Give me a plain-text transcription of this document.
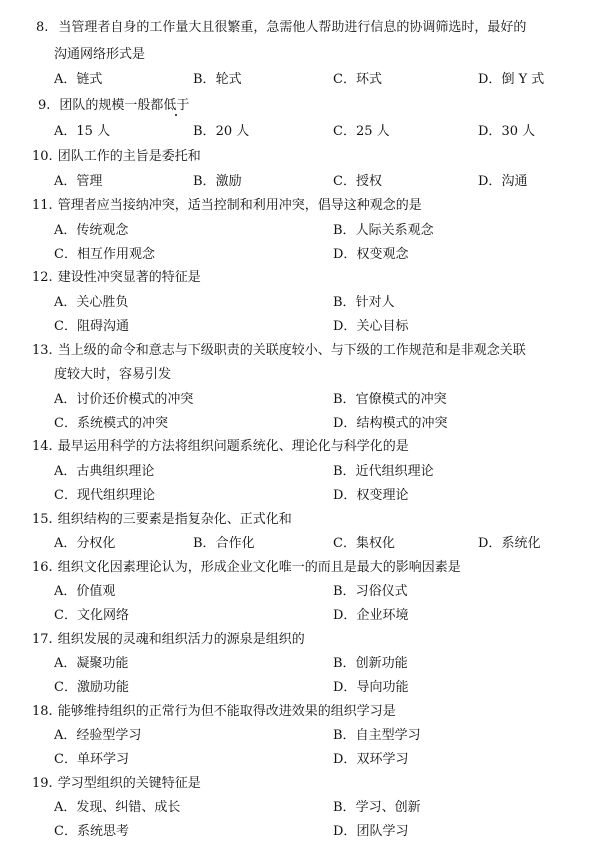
8. 当管理者自身的工作量大且很繁重，急需他人帮助进行信息的协调筛选时，最好的
沟通网络形式是
A．链式	B．轮式	C．环式	D．倒 Y 式
9. 团队的规模一般都低于
A．15 人	B．20 人	C．25 人	D．30 人
10. 团队工作的主旨是委托和
A．管理	B．激励	C．授权	D．沟通
11. 管理者应当接纳冲突，适当控制和利用冲突，倡导这种观念的是
A．传统观念	B．人际关系观念
C．相互作用观念	D．权变观念
12. 建设性冲突显著的特征是
A．关心胜负	B．针对人
C．阻碍沟通	D．关心目标
13. 当上级的命令和意志与下级职责的关联度较小、与下级的工作规范和是非观念关联
度较大时，容易引发
A．讨价还价模式的冲突	B．官僚模式的冲突
C．系统模式的冲突	D．结构模式的冲突
14. 最早运用科学的方法将组织问题系统化、理论化与科学化的是
A．古典组织理论	B．近代组织理论
C．现代组织理论	D．权变理论
15. 组织结构的三要素是指复杂化、正式化和
A．分权化	B．合作化	C．集权化	D．系统化
16. 组织文化因素理论认为，形成企业文化唯一的而且是最大的影响因素是
A．价值观	B．习俗仪式
C．文化网络	D．企业环境
17. 组织发展的灵魂和组织活力的源泉是组织的
A．凝聚功能	B．创新功能
C．激励功能	D．导向功能
18. 能够维持组织的正常行为但不能取得改进效果的组织学习是
A．经验型学习	B．自主型学习
C．单环学习	D．双环学习
19. 学习型组织的关键特征是
A．发现、纠错、成长	B．学习、创新
C．系统思考	D．团队学习
